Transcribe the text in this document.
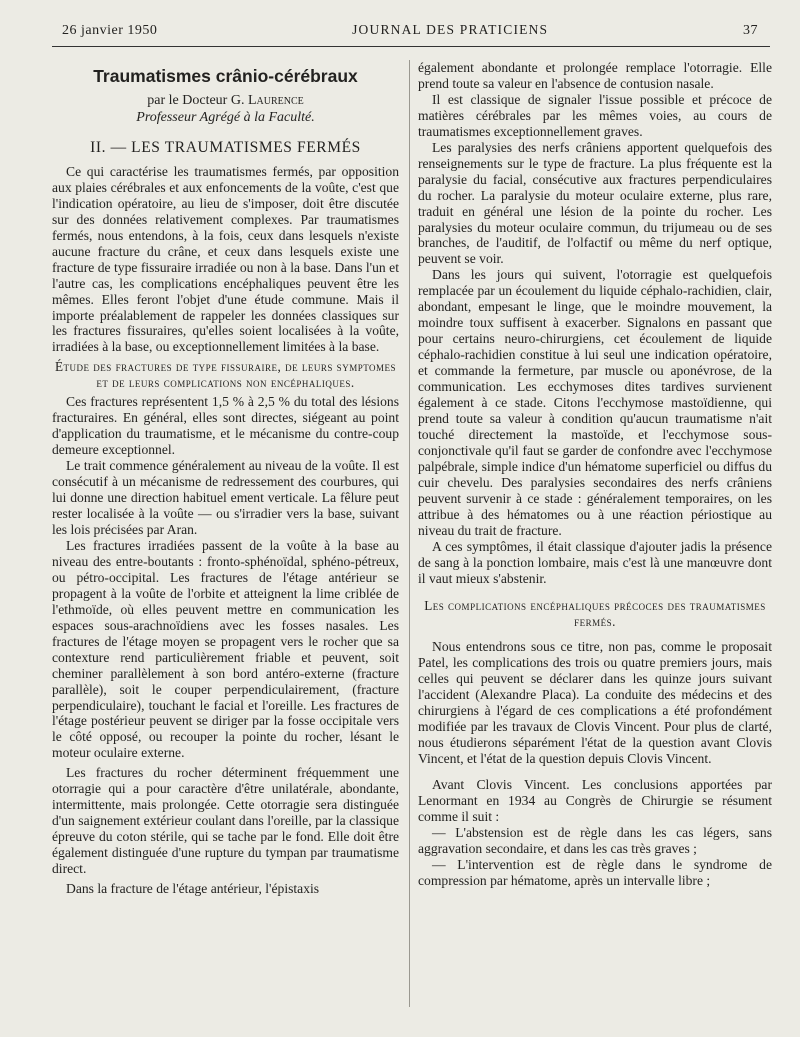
26 janvier 1950	JOURNAL DES PRATICIENS	37
Traumatismes crânio-cérébraux

par le Docteur G. Laurence

Professeur Agrégé à la Faculté.

II. — LES TRAUMATISMES FERMÉS

Ce qui caractérise les traumatismes fermés, par opposition aux plaies cérébrales et aux enfoncements de la voûte, c'est que l'indication opératoire, au lieu de s'imposer, doit être discutée sur des données relativement complexes. Par traumatismes fermés, nous entendons, à la fois, ceux dans lesquels n'existe aucune fracture du crâne, et ceux dans lesquels existe une fracture de type fissuraire irradiée ou non à la base. Dans l'un et l'autre cas, les complications encéphaliques peuvent être les mêmes. Elles feront l'objet d'une étude commune. Mais il importe préalablement de rappeler les données classiques sur les fractures fissuraires, qu'elles soient localisées à la voûte, irradiées à la base, ou exceptionnellement limitées à la base.

Étude des fractures de type fissuraire, de leurs symptomes et de leurs complications non encéphaliques.

Ces fractures représentent 1,5 % à 2,5 % du total des lésions fracturaires. En général, elles sont directes, siégeant au point d'application du traumatisme, et le mécanisme du contre-coup demeure exceptionnel.

Le trait commence généralement au niveau de la voûte. Il est consécutif à un mécanisme de redressement des courbures, qui lui donne une direction habituel ement verticale. La fêlure peut rester localisée à la voûte — ou s'irradier vers la base, suivant les lois précisées par Aran.

Les fractures irradiées passent de la voûte à la base au niveau des entre-boutants : fronto-sphénoïdal, sphéno-pétreux, ou pétro-occipital. Les fractures de l'étage antérieur se propagent à la voûte de l'orbite et atteignent la lime criblée de l'ethmoïde, où elles peuvent mettre en communication les espaces sous-arachnoïdiens avec les fosses nasales. Les fractures de l'étage moyen se propagent vers le rocher que sa contexture rend particulièrement friable et peuvent, soit cheminer parallèlement à son bord antéro-externe (fracture parallèle), soit le couper perpendiculairement, (fracture perpendiculaire), touchant le facial et l'oreille. Les fractures de l'étage postérieur peuvent se diriger par la fosse occipitale vers le côté opposé, ou recouper la pointe du rocher, lésant le moteur oculaire externe.

Les fractures du rocher déterminent fréquemment une otorragie qui a pour caractère d'être unilatérale, abondante, intermittente, mais prolongée. Cette otorragie sera distinguée d'un saignement extérieur coulant dans l'oreille, par la classique épreuve du coton stérile, qui se tache par le fond. Elle doit être également distinguée d'une rupture du tympan par traumatisme direct.

Dans la fracture de l'étage antérieur, l'épistaxis

également abondante et prolongée remplace l'otorragie. Elle prend toute sa valeur en l'absence de contusion nasale.

Il est classique de signaler l'issue possible et précoce de matières cérébrales par les mêmes voies, au cours de traumatismes exceptionnellement graves.

Les paralysies des nerfs crâniens apportent quelquefois des renseignements sur le type de fracture. La plus fréquente est la paralysie du facial, consécutive aux fractures perpendiculaires du rocher. La paralysie du moteur oculaire externe, plus rare, traduit en général une lésion de la pointe du rocher. Les paralysies du moteur oculaire commun, du trijumeau ou de ses branches, de l'auditif, de l'olfactif ou même du nerf optique, peuvent se voir.

Dans les jours qui suivent, l'otorragie est quelquefois remplacée par un écoulement du liquide céphalo-rachidien, clair, abondant, empesant le linge, que le moindre mouvement, la moindre toux suffisent à exacerber. Signalons en passant que pour certains neuro-chirurgiens, cet écoulement de liquide céphalo-rachidien constitue à lui seul une indication opératoire, et commande la fermeture, par muscle ou aponévrose, de la communication. Les ecchymoses dites tardives survienent également à ce stade. Citons l'ecchymose mastoïdienne, qui prend toute sa valeur à condition qu'aucun traumatisme n'ait touché directement la mastoïde, et l'ecchymose sous-conjonctivale qu'il faut se garder de confondre avec l'ecchymose palpébrale, simple indice d'un hématome superficiel ou diffus du cuir chevelu. Des paralysies secondaires des nerfs crâniens peuvent survenir à ce stade : généralement temporaires, on les attribue à des hématomes ou à une réaction périostique au niveau du trait de fracture.

A ces symptômes, il était classique d'ajouter jadis la présence de sang à la ponction lombaire, mais c'est là une manœuvre dont il vaut mieux s'abstenir.

Les complications encéphaliques précoces des traumatismes fermés.

Nous entendrons sous ce titre, non pas, comme le proposait Patel, les complications des trois ou quatre premiers jours, mais celles qui peuvent se déclarer dans les quinze jours suivant l'accident (Alexandre Placa). La conduite des médecins et des chirurgiens à l'égard de ces complications a été profondément modifiée par les travaux de Clovis Vincent. Pour plus de clarté, nous étudierons séparément l'état de la question avant Clovis Vincent, et l'état de la question depuis Clovis Vincent.

Avant Clovis Vincent. Les conclusions apportées par Lenormant en 1934 au Congrès de Chirurgie se résument comme il suit :

— L'abstension est de règle dans les cas légers, sans aggravation secondaire, et dans les cas très graves ;

— L'intervention est de règle dans le syndrome de compression par hématome, après un intervalle libre ;
